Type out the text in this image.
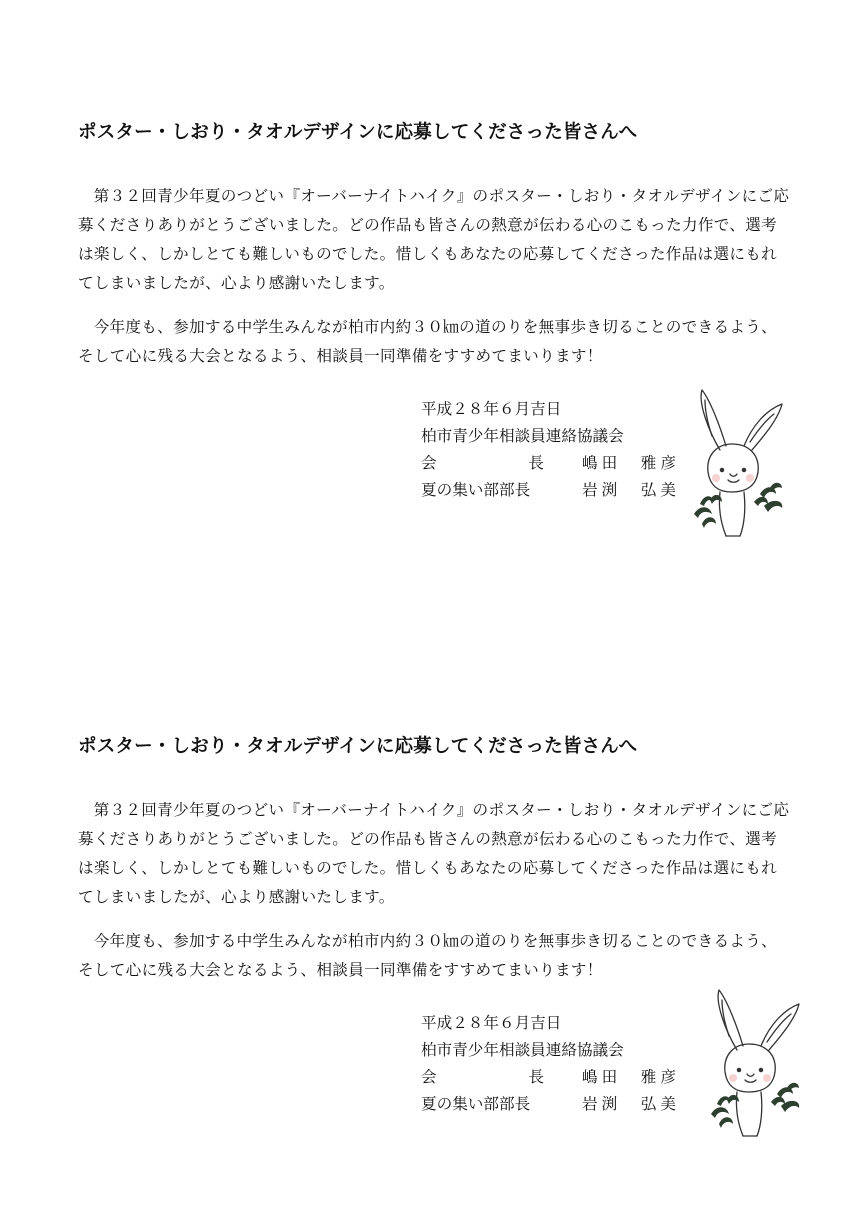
ポスター・しおり・タオルデザインに応募してくださった皆さんへ

第３２回青少年夏のつどい『オーバーナイトハイク』のポスター・しおり・タオルデザインにご応募くださりありがとうございました。どの作品も皆さんの熱意が伝わる心のこもった力作で、選考は楽しく、しかしとても難しいものでした。惜しくもあなたの応募してくださった作品は選にもれてしまいましたが、心より感謝いたします。

今年度も、参加する中学生みんなが柏市内約３０㎞の道のりを無事歩き切ることのできるよう、そして心に残る大会となるよう、相談員一同準備をすすめてまいります！

平成２８年６月吉日
柏市青少年相談員連絡協議会
会	長 嶋田　雅彦
夏の集い部部長	岩渕　弘美
ポスター・しおり・タオルデザインに応募してくださった皆さんへ

第３２回青少年夏のつどい『オーバーナイトハイク』のポスター・しおり・タオルデザインにご応募くださりありがとうございました。どの作品も皆さんの熱意が伝わる心のこもった力作で、選考は楽しく、しかしとても難しいものでした。惜しくもあなたの応募してくださった作品は選にもれてしまいましたが、心より感謝いたします。

今年度も、参加する中学生みんなが柏市内約３０㎞の道のりを無事歩き切ることのできるよう、そして心に残る大会となるよう、相談員一同準備をすすめてまいります！

平成２８年６月吉日
柏市青少年相談員連絡協議会
会	長 嶋田　雅彦
夏の集い部部長	岩渕　弘美
